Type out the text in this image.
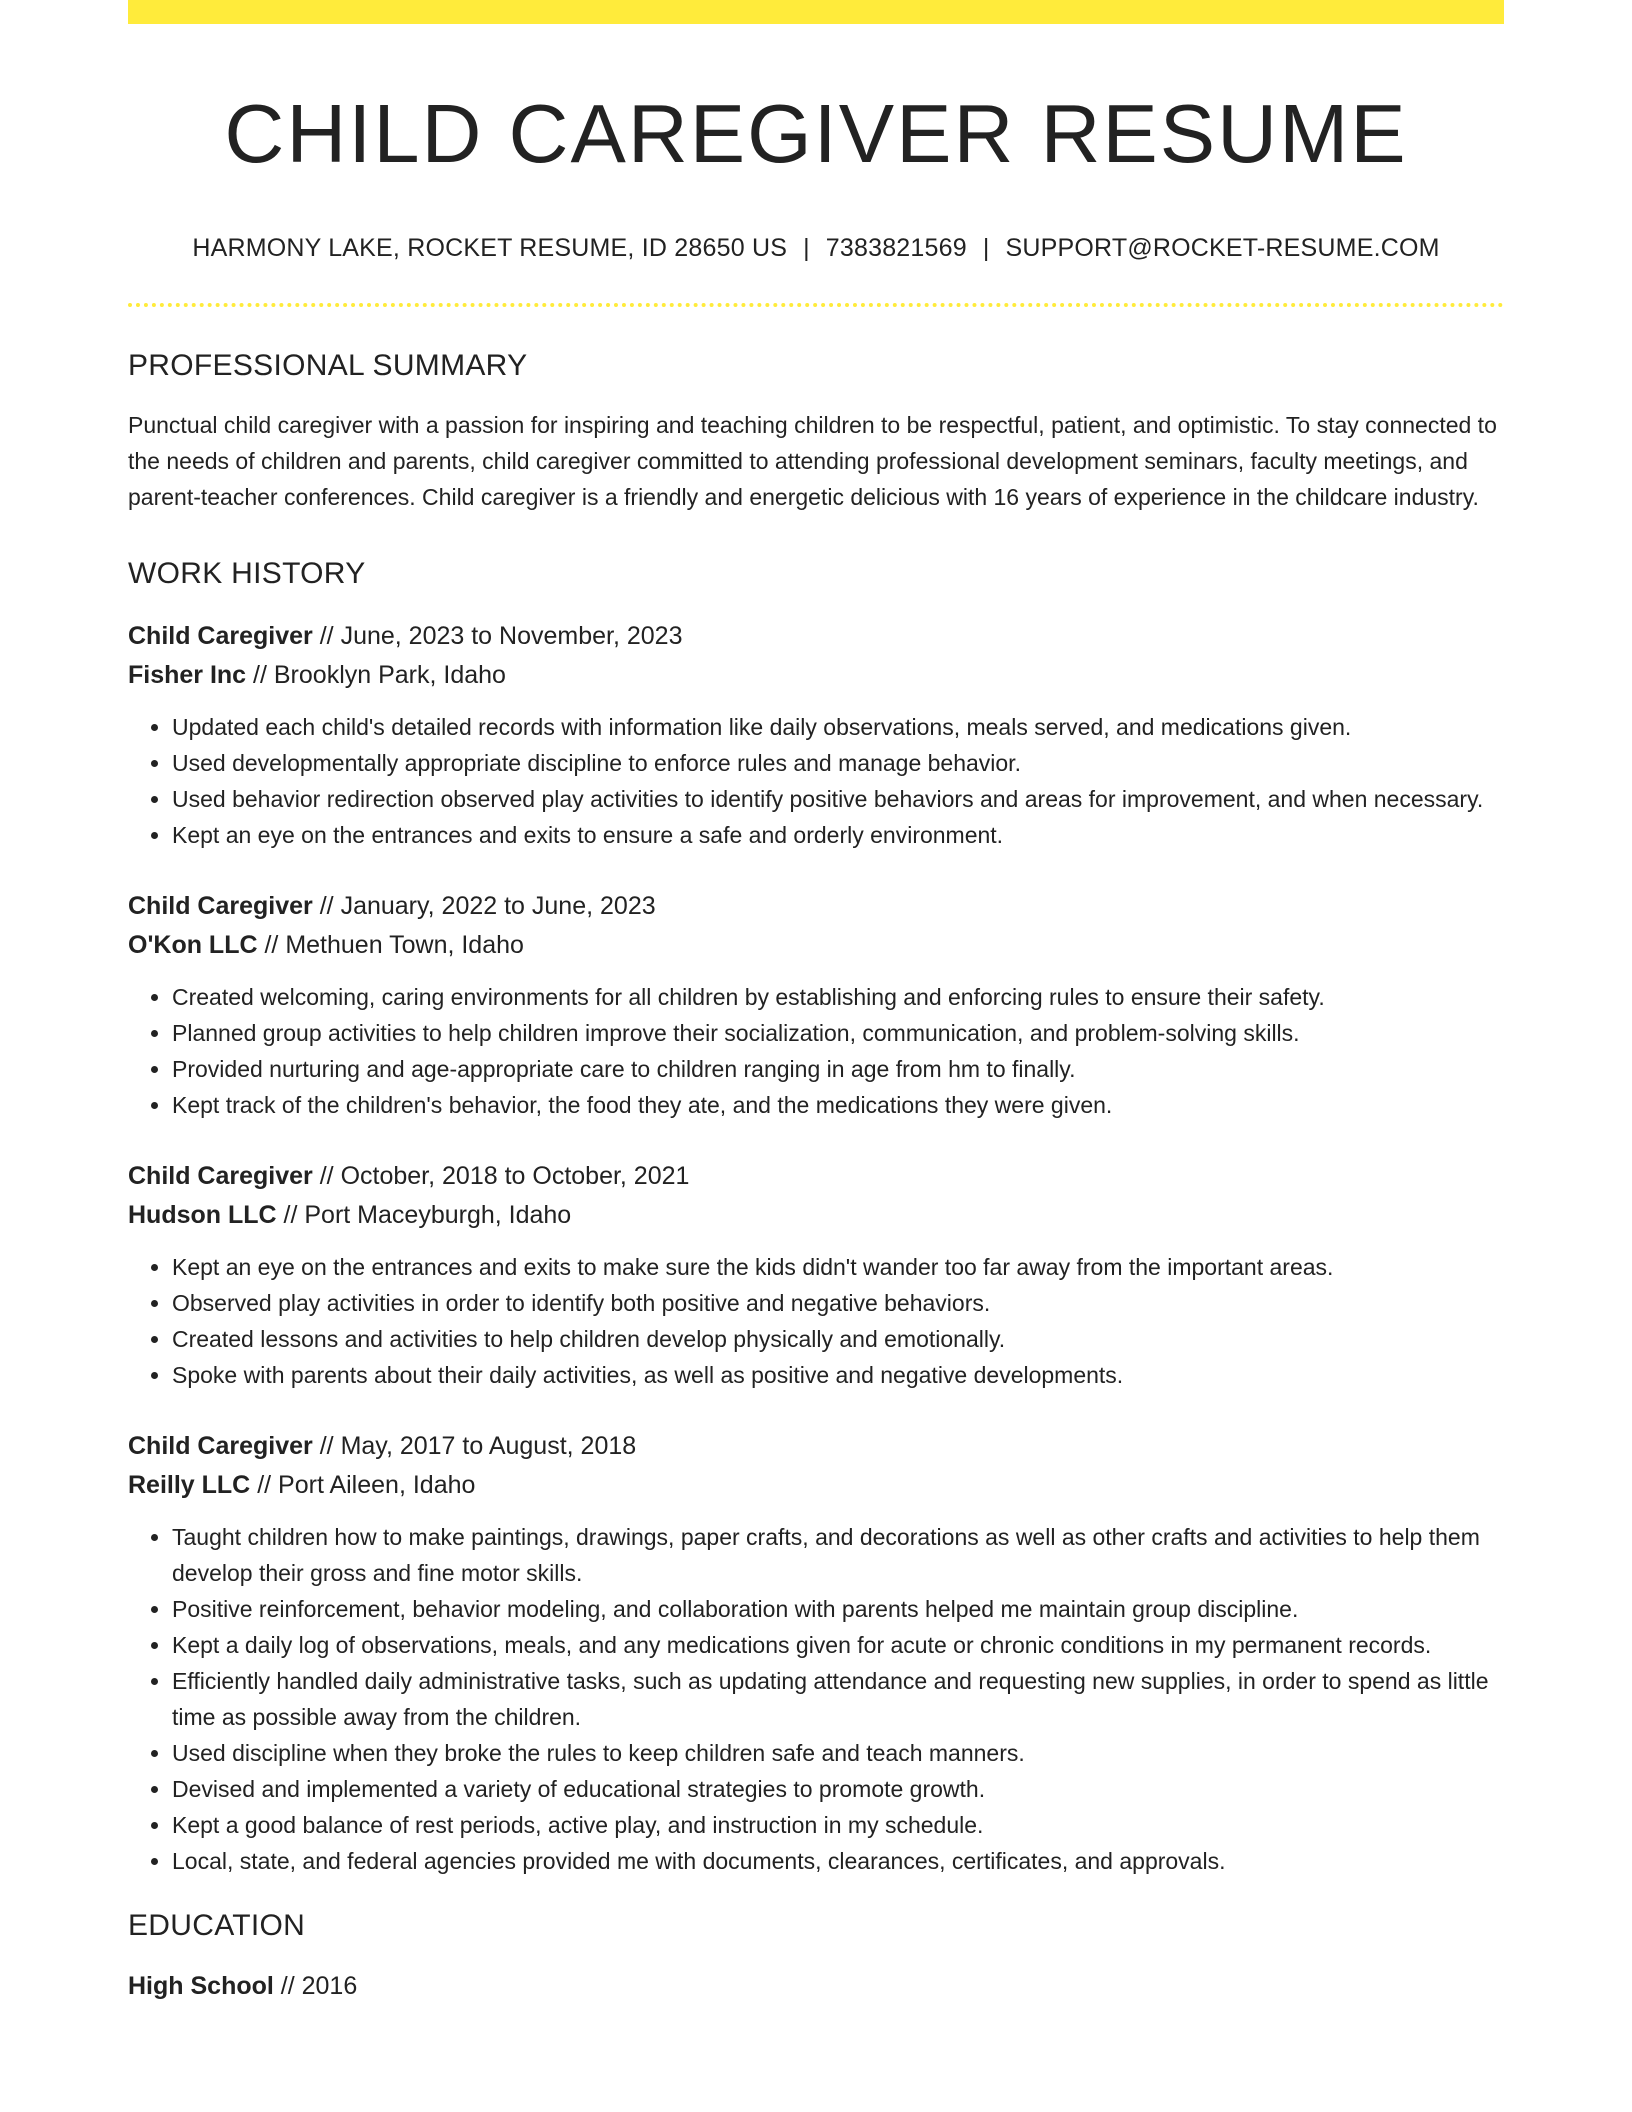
CHILD CAREGIVER RESUME
HARMONY LAKE, ROCKET RESUME, ID 28650 US | 7383821569 | SUPPORT@ROCKET-RESUME.COM
PROFESSIONAL SUMMARY

Punctual child caregiver with a passion for inspiring and teaching children to be respectful, patient, and optimistic. To stay connected to the needs of children and parents, child caregiver committed to attending professional development seminars, faculty meetings, and parent-teacher conferences. Child caregiver is a friendly and energetic delicious with 16 years of experience in the childcare industry.

WORK HISTORY
Child Caregiver // June, 2023 to November, 2023
Fisher Inc // Brooklyn Park, Idaho
• Updated each child's detailed records with information like daily observations, meals served, and medications given.
• Used developmentally appropriate discipline to enforce rules and manage behavior.
• Used behavior redirection observed play activities to identify positive behaviors and areas for improvement, and when necessary.
• Kept an eye on the entrances and exits to ensure a safe and orderly environment.
Child Caregiver // January, 2022 to June, 2023
O'Kon LLC // Methuen Town, Idaho
• Created welcoming, caring environments for all children by establishing and enforcing rules to ensure their safety.
• Planned group activities to help children improve their socialization, communication, and problem-solving skills.
• Provided nurturing and age-appropriate care to children ranging in age from hm to finally.
• Kept track of the children's behavior, the food they ate, and the medications they were given.
Child Caregiver // October, 2018 to October, 2021
Hudson LLC // Port Maceyburgh, Idaho
• Kept an eye on the entrances and exits to make sure the kids didn't wander too far away from the important areas.
• Observed play activities in order to identify both positive and negative behaviors.
• Created lessons and activities to help children develop physically and emotionally.
• Spoke with parents about their daily activities, as well as positive and negative developments.
Child Caregiver // May, 2017 to August, 2018
Reilly LLC // Port Aileen, Idaho
• Taught children how to make paintings, drawings, paper crafts, and decorations as well as other crafts and activities to help them develop their gross and fine motor skills.
• Positive reinforcement, behavior modeling, and collaboration with parents helped me maintain group discipline.
• Kept a daily log of observations, meals, and any medications given for acute or chronic conditions in my permanent records.
• Efficiently handled daily administrative tasks, such as updating attendance and requesting new supplies, in order to spend as little time as possible away from the children.
• Used discipline when they broke the rules to keep children safe and teach manners.
• Devised and implemented a variety of educational strategies to promote growth.
• Kept a good balance of rest periods, active play, and instruction in my schedule.
• Local, state, and federal agencies provided me with documents, clearances, certificates, and approvals.
EDUCATION
High School // 2016
